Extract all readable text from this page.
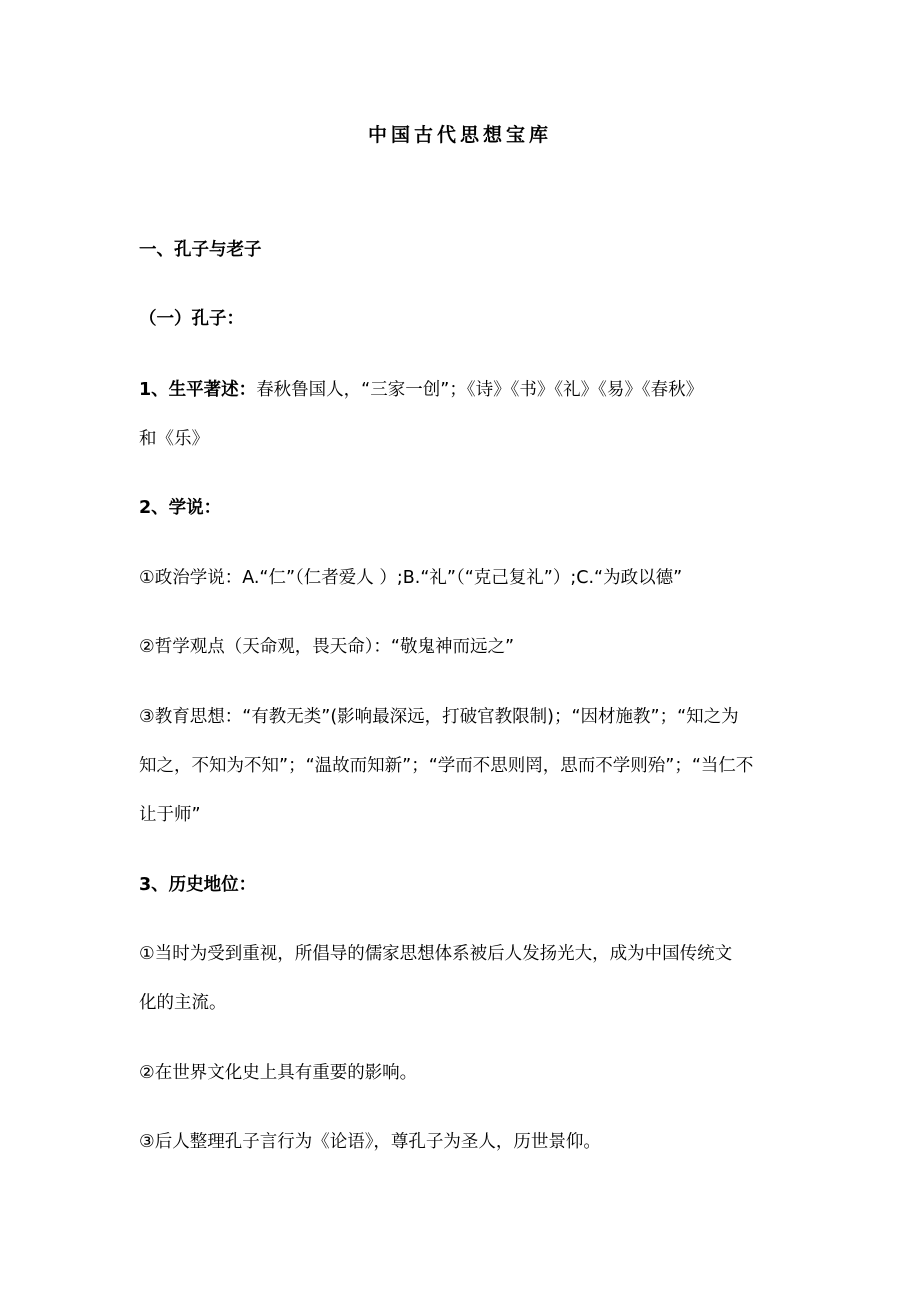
中国古代思想宝库
一、孔子与老子
（一）孔子：
1、生平著述：春秋鲁国人，“三家一创”；《诗》《书》《礼》《易》《春秋》
和《乐》
2、学说：
①政治学说：A.“仁”（仁者爱人 ）;B.“礼”（“克己复礼”）;C.“为政以德”
②哲学观点（天命观，畏天命）：“敬鬼神而远之”
③教育思想：“有教无类”(影响最深远，打破官教限制)；“因材施教”；“知之为
知之，不知为不知”；“温故而知新”；“学而不思则罔，思而不学则殆”；“当仁不
让于师”
3、历史地位：
①当时为受到重视，所倡导的儒家思想体系被后人发扬光大，成为中国传统文
化的主流。
②在世界文化史上具有重要的影响。
③后人整理孔子言行为《论语》，尊孔子为圣人，历世景仰。
